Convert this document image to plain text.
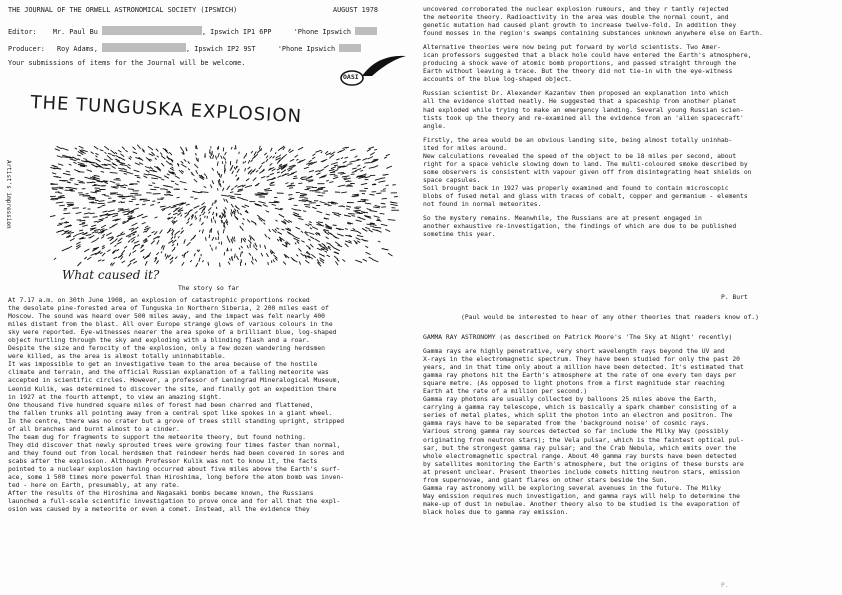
THE JOURNAL OF THE ORWELL ASTRONOMICAL SOCIETY (IPSWICH)	AUGUST 1978
Editor: Mr. Paul Bu	, Ipswich IP1 6PP	'Phone Ipswich
Producer: Roy Adams,	, Ipswich IP2 9ST	'Phone Ipswich
Your submissions of items for the Journal will be welcome.
OASI
THE TUNGUSKA EXPLOSION
Artist's impression
What caused it?
The story so far
At 7.17 a.m. on 30th June 1908, an explosion of catastrophic proportions rocked
the desolate pine-forested area of Tunguska in Northern Siberia, 2 200 miles east of
Moscow. The sound was heard over 500 miles away, and the impact was felt nearly 400
miles distant from the blast. All over Europe strange glows of various colours in the
sky were reported. Eye-witnesses nearer the area spoke of a brilliant blue, log-shaped
object hurtling through the sky and exploding with a blinding flash and a roar.
Despite the size and ferocity of the explosion, only a few dozen wandering herdsmen
were killed, as the area is almost totally uninhabitable.
It was impossible to get an investigative team to the area because of the hostile
climate and terrain, and the official Russian explanation of a falling meteorite was
accepted in scientific circles. However, a professor of Leningrad Mineralogical Museum,
Leonid Kulik, was determined to discover the site, and finally got an expedition there
in 1927 at the fourth attempt, to view an amazing sight.
One thousand five hundred square miles of forest had been charred and flattened,
the fallen trunks all pointing away from a central spot like spokes in a giant wheel.
In the centre, there was no crater but a grove of trees still standing upright, stripped
of all branches and burnt almost to a cinder.
The team dug for fragments to support the meteorite theory, but found nothing.
They did discover that newly sprouted trees were growing four times faster than normal,
and they found out from local herdsmen that reindeer herds had been covered in sores and
scabs after the explosion. Although Professor Kulik was not to know it, the facts
pointed to a nuclear explosion having occurred about five miles above the Earth's surf-
ace, some 1 500 times more powerful than Hiroshima, long before the atom bomb was inven-
ted - here on Earth, presumably, at any rate.
After the results of the Hiroshima and Nagasaki bombs became known, the Russians
launched a full-scale scientific investigation to prove once and for all that the expl-
osion was caused by a meteorite or even a comet. Instead, all the evidence they
uncovered corroborated the nuclear explosion rumours, and they r tantly rejected
the meteorite theory. Radioactivity in the area was double the normal count, and
genetic mutation had caused plant growth to increase twelve-fold. In addition they
found mosses in the region's swamps containing substances unknown anywhere else on Earth.
Alternative theories were now being put forward by world scientists. Two Amer-
ican professors suggested that a black hole could have entered the Earth's atmosphere,
producing a shock wave of atomic bomb proportions, and passed straight through the
Earth without leaving a trace. But the theory did not tie-in with the eye-witness
accounts of the blue log-shaped object.
Russian scientist Dr. Alexander Kazantev then proposed an explanation into which
all the evidence slotted neatly. He suggested that a spaceship from another planet
had exploded while trying to make an emergency landing. Several young Russian scien-
tists took up the theory and re-examined all the evidence from an 'alien spacecraft'
angle.
Firstly, the area would be an obvious landing site, being almost totally uninhab-
ited for miles around.
New calculations revealed the speed of the object to be 18 miles per second, about
right for a space vehicle slowing down to land. The multi-coloured smoke described by
some observers is consistent with vapour given off from disintegrating heat shields on
space capsules.
Soil brought back in 1927 was properly examined and found to contain microscopic
blobs of fused metal and glass with traces of cobalt, copper and germanium - elements
not found in normal meteorites.
So the mystery remains. Meanwhile, the Russians are at present engaged in
another exhaustive re-investigation, the findings of which are due to be published
sometime this year.
P. Burt
(Paul would be interested to hear of any other theories that readers know of.)
GAMMA RAY ASTRONOMY (as described on Patrick Moore's 'The Sky at Night' recently)
Gamma rays are highly penetrative, very short wavelength rays beyond the UV and
X-rays in the electromagnetic spectrum. They have been studied for only the past 20
years, and in that time only about a million have been detected. It's estimated that
gamma ray photons hit the Earth's atmosphere at the rate of one every ten days per
square metre. (As opposed to light photons from a first magnitude star reaching
Earth at the rate of a million per second.)
Gamma ray photons are usually collected by balloons 25 miles above the Earth,
carrying a gamma ray telescope, which is basically a spark chamber consisting of a
series of metal plates, which split the photon into an electron and positron. The
gamma rays have to be separated from the 'background noise' of cosmic rays.
Various strong gamma ray sources detected so far include the Milky Way (possibly
originating from neutron stars); the Vela pulsar, which is the faintest optical pul-
sar, but the strongest gamma ray pulsar; and the Crab Nebula, which emits over the
whole electromagnetic spectral range. About 40 gamma ray bursts have been detected
by satellites monitoring the Earth's atmosphere, but the origins of these bursts are
at present unclear. Present theories include comets hitting neutron stars, emission
from supernovae, and giant flares on other stars beside the Sun.
Gamma ray astronomy will be exploring several avenues in the future. The Milky
Way emission requires much investigation, and gamma rays will help to determine the
make-up of dust in nebulae. Another theory also to be studied is the evaporation of
black holes due to gamma ray emission.
P.
